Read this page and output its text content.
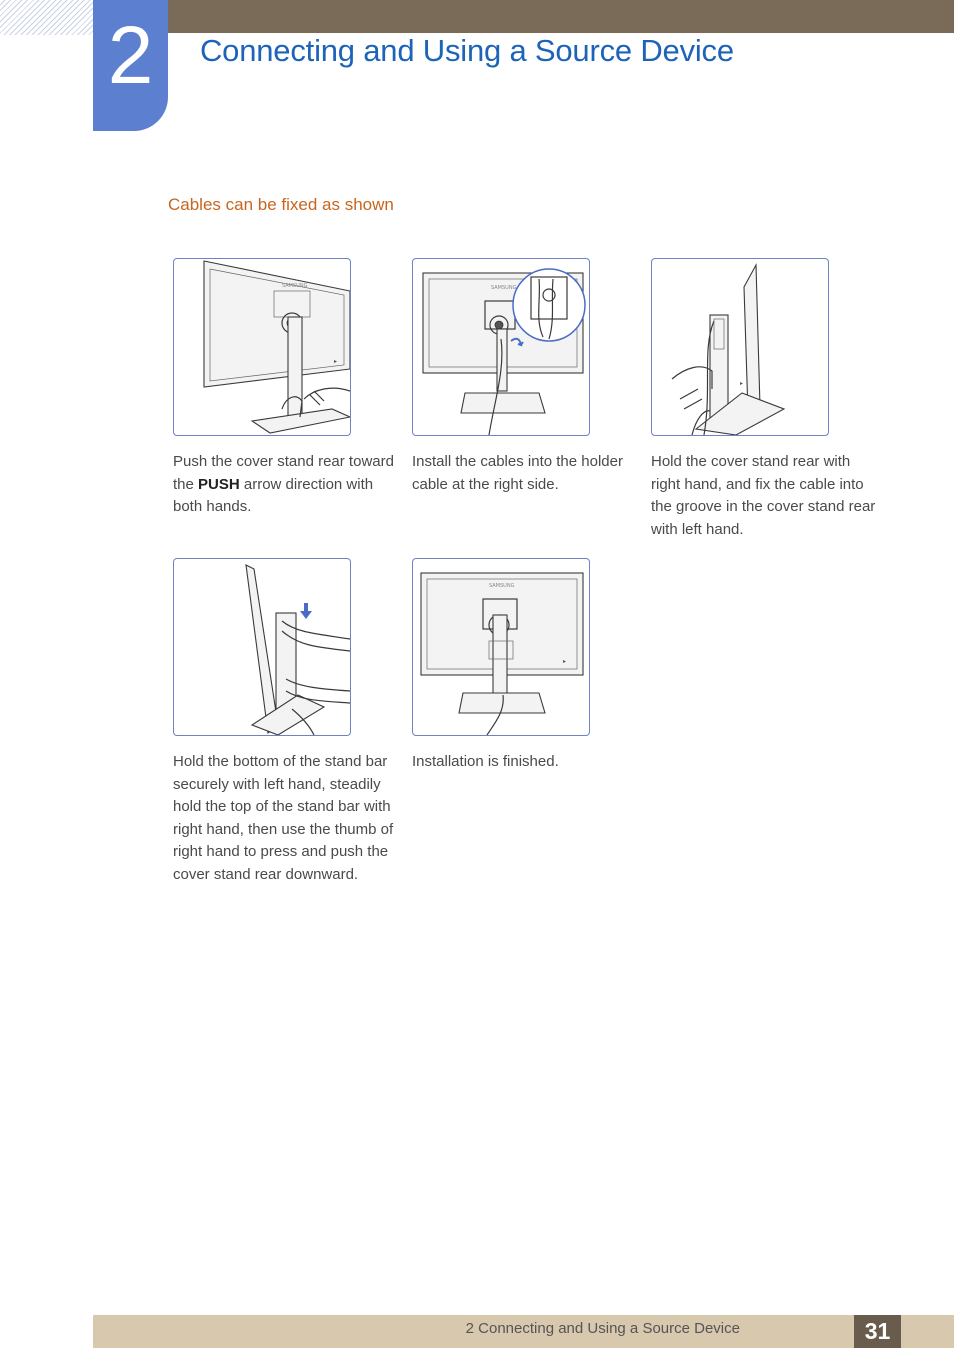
2	Connecting and Using a Source Device
Cables can be fixed as shown
SAMSUNG
▸
Push the cover stand rear toward the PUSH arrow direction with both hands.
SAMSUNG
Install the cables into the holder cable at the right side.
▸
Hold the cover stand rear with right hand, and fix the cable into the groove in the cover stand rear with left hand.
Hold the bottom of the stand bar securely with left hand, steadily hold the top of the stand bar with right hand, then use the thumb of right hand to press and push the cover stand rear downward.
SAMSUNG
▸
Installation is finished.
2 Connecting and Using a Source Device	31
